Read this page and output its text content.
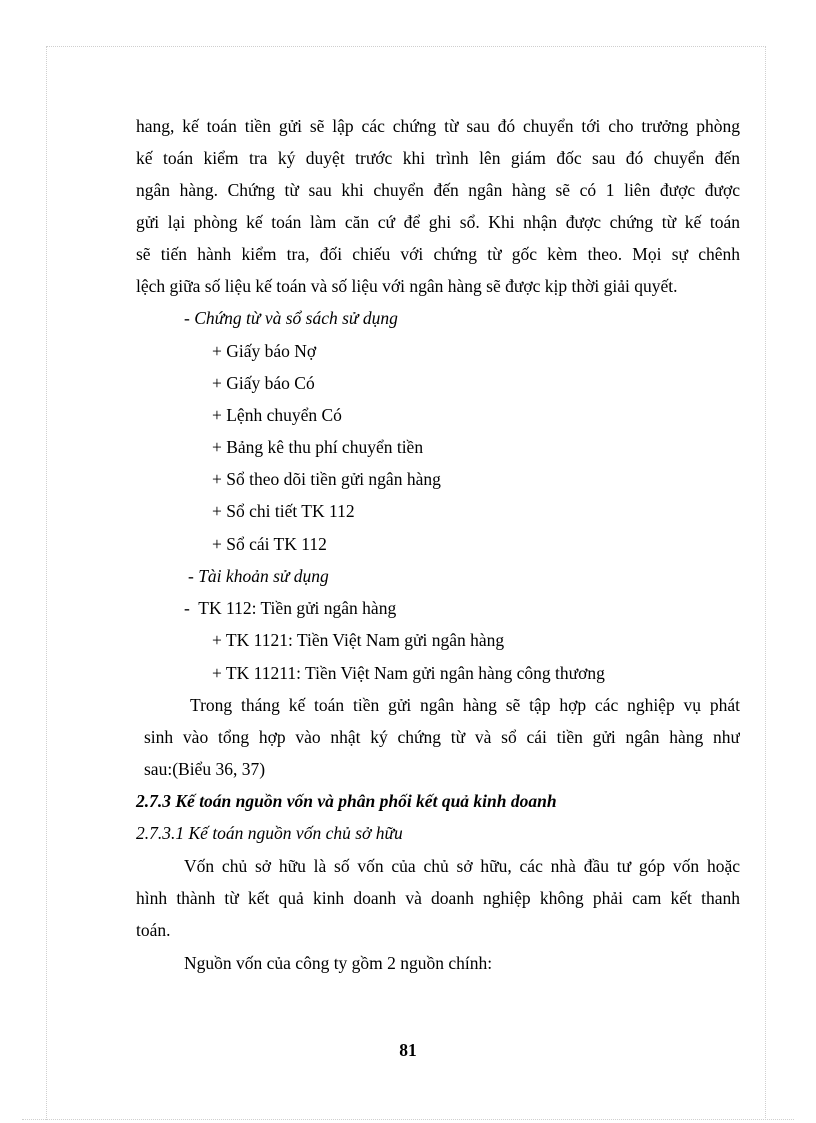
hang, kế toán tiền gửi sẽ lập các chứng từ sau đó chuyển tới cho trưởng phòng
kế toán kiểm tra ký duyệt trước khi trình lên giám đốc sau đó chuyển đến
ngân hàng. Chứng từ sau khi chuyển đến ngân hàng sẽ có 1 liên được được
gửi lại phòng kế toán làm căn cứ để ghi sổ. Khi nhận được chứng từ kế toán
sẽ tiến hành kiểm tra, đối chiếu với chứng từ gốc kèm theo. Mọi sự chênh
lệch giữa số liệu kế toán và số liệu với ngân hàng sẽ được kịp thời giải quyết.
- Chứng từ và sổ sách sử dụng
+ Giấy báo Nợ
+ Giấy báo Có
+ Lệnh chuyển Có
+ Bảng kê thu phí chuyển tiền
+ Sổ theo dõi tiền gửi ngân hàng
+ Sổ chi tiết TK 112
+ Sổ cái TK 112
- Tài khoản sử dụng
-  TK 112: Tiền gửi ngân hàng
+ TK 1121: Tiền Việt Nam gửi ngân hàng
+ TK 11211: Tiền Việt Nam gửi ngân hàng công thương
Trong tháng kế toán tiền gửi ngân hàng sẽ tập hợp các nghiệp vụ phát
sinh vào tổng hợp vào nhật ký chứng từ và sổ cái tiền gửi ngân hàng như
sau:(Biểu 36, 37)
2.7.3 Kế toán nguồn vốn và phân phối kết quả kinh doanh
2.7.3.1 Kế toán nguồn vốn chủ sở hữu
Vốn chủ sở hữu là số vốn của chủ sở hữu, các nhà đầu tư góp vốn hoặc
hình thành từ kết quả kinh doanh và doanh nghiệp không phải cam kết thanh
toán.
Nguồn vốn của công ty gồm 2 nguồn chính:
81
